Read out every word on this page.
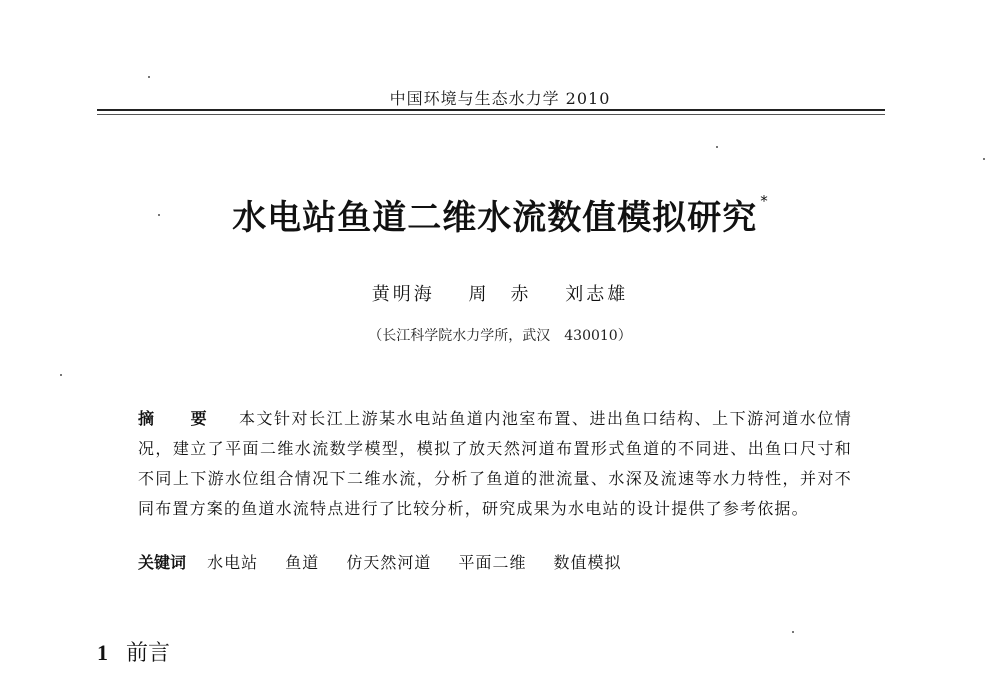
中国环境与生态水力学 2010
水电站鱼道二维水流数值模拟研究 *
黄明海 周　赤 刘志雄
（长江科学院水力学所，武汉　430010）
摘　要 本文针对长江上游某水电站鱼道内池室布置、进出鱼口结构、上下游河道水位情况，建立了平面二维水流数学模型，模拟了放天然河道布置形式鱼道的不同进、出鱼口尺寸和不同上下游水位组合情况下二维水流，分析了鱼道的泄流量、水深及流速等水力特性，并对不同布置方案的鱼道水流特点进行了比较分析，研究成果为水电站的设计提供了参考依据。
关键词 水电站 鱼道 仿天然河道 平面二维 数值模拟
1 前言
